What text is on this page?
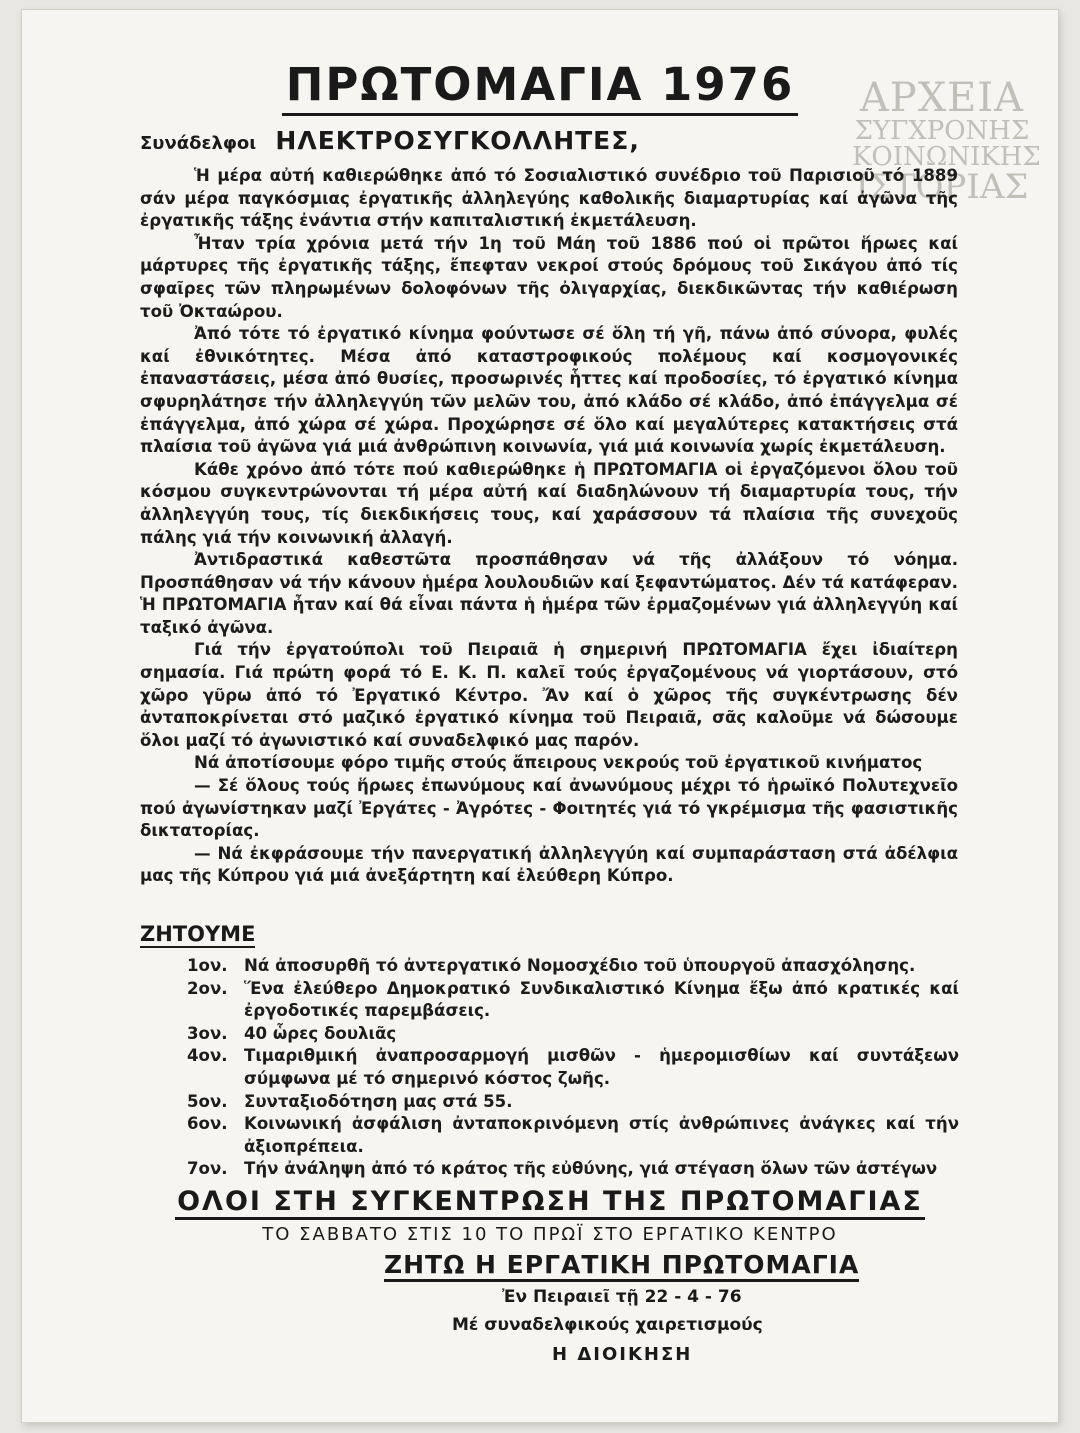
ΑΡΧΕΙΑ
ΣΥΓΧΡΟΝΗΣ
ΚΟΙΝΩΝΙΚΗΣ
ΙΣΤΟΡΙΑΣ
ΠΡΩΤΟΜΑΓΙΑ 1976
Συνάδελφοι ΗΛΕΚΤΡΟΣΥΓΚΟΛΛΗΤΕΣ,

Ἡ μέρα αὐτή καθιερώθηκε ἀπό τό Σοσιαλιστικό συνέδριο τοῦ Παρισιοῦ τό 1889 σάν μέρα παγκόσμιας ἐργατικῆς ἀλληλεγύης καθολικῆς διαμαρτυρίας καί ἀγῶνα τῆς ἐργατικῆς τάξης ἐνάντια στήν καπιταλιστική ἐκμετάλευση.

Ἦταν τρία χρόνια μετά τήν 1η τοῦ Μάη τοῦ 1886 πού οἱ πρῶτοι ἥρωες καί μάρτυρες τῆς ἐργατικῆς τάξης, ἔπεφταν νεκροί στούς δρόμους τοῦ Σικάγου ἀπό τίς σφαῖρες τῶν πληρωμένων δολοφόνων τῆς ὀλιγαρχίας, διεκδικῶντας τήν καθιέρωση τοῦ Ὀκταώρου.

Ἀπό τότε τό ἐργατικό κίνημα φούντωσε σέ ὅλη τή γῆ, πάνω ἀπό σύνορα, φυλές καί ἐθνικότητες. Μέσα ἀπό καταστροφικούς πολέμους καί κοσμογονικές ἐπαναστάσεις, μέσα ἀπό θυσίες, προσωρινές ἧττες καί προδοσίες, τό ἐργατικό κίνημα σφυρηλάτησε τήν ἀλληλεγγύη τῶν μελῶν του, ἀπό κλάδο σέ κλάδο, ἀπό ἐπάγγελμα σέ ἐπάγγελμα, ἀπό χώρα σέ χώρα. Προχώρησε σέ ὅλο καί μεγαλύτερες κατακτήσεις στά πλαίσια τοῦ ἀγῶνα γιά μιά ἀνθρώπινη κοινωνία, γιά μιά κοινωνία χωρίς ἐκμετάλευση.

Κάθε χρόνο ἀπό τότε πού καθιερώθηκε ἡ ΠΡΩΤΟΜΑΓΙΑ οἱ ἐργαζόμενοι ὅλου τοῦ κόσμου συγκεντρώνονται τή μέρα αὐτή καί διαδηλώνουν τή διαμαρτυρία τους, τήν ἀλληλεγγύη τους, τίς διεκδικήσεις τους, καί χαράσσουν τά πλαίσια τῆς συνεχοῦς πάλης γιά τήν κοινωνική ἀλλαγή.

Ἀντιδραστικά καθεστῶτα προσπάθησαν νά τῆς ἀλλάξουν τό νόημα. Προσπάθησαν νά τήν κάνουν ἡμέρα λουλουδιῶν καί ξεφαντώματος. Δέν τά κατάφεραν. Ἡ ΠΡΩΤΟΜΑΓΙΑ ἦταν καί θά εἶναι πάντα ἡ ἡμέρα τῶν ἐρμαζομένων γιά ἀλληλεγγύη καί ταξικό ἀγῶνα.

Γιά τήν ἐργατούπολι τοῦ Πειραιᾶ ἡ σημερινή ΠΡΩΤΟΜΑΓΙΑ ἔχει ἰδιαίτερη σημασία. Γιά πρώτη φορά τό Ε. Κ. Π. καλεῖ τούς ἐργαζομένους νά γιορτάσουν, στό χῶρο γῦρω ἀπό τό Ἐργατικό Κέντρο. Ἄν καί ὁ χῶρος τῆς συγκέντρωσης δέν ἀνταποκρίνεται στό μαζικό ἐργατικό κίνημα τοῦ Πειραιᾶ, σᾶς καλοῦμε νά δώσουμε ὅλοι μαζί τό ἀγωνιστικό καί συναδελφικό μας παρόν.

Νά ἀποτίσουμε φόρο τιμῆς στούς ἄπειρους νεκρούς τοῦ ἐργατικοῦ κινήματος

— Σέ ὅλους τούς ἥρωες ἐπωνύμους καί ἀνωνύμους μέχρι τό ἡρωϊκό Πολυτεχνεῖο πού ἀγωνίστηκαν μαζί Ἐργάτες - Ἀγρότες - Φοιτητές γιά τό γκρέμισμα τῆς φασιστικῆς δικτατορίας.

— Νά ἐκφράσουμε τήν πανεργατική ἀλληλεγγύη καί συμπαράσταση στά ἀδέλφια μας τῆς Κύπρου γιά μιά ἀνεξάρτητη καί ἐλεύθερη Κύπρο.

ΖΗΤΟΥΜΕ
1ον. Νά ἀποσυρθῆ τό ἀντεργατικό Νομοσχέδιο τοῦ ὑπουργοῦ ἀπασχόλησης.
2ον. Ἕνα ἐλεύθερο Δημοκρατικό Συνδικαλιστικό Κίνημα ἔξω ἀπό κρατικές καί ἐργοδοτικές παρεμβάσεις.
3ον. 40 ὧρες δουλιᾶς
4ον. Τιμαριθμική ἀναπροσαρμογή μισθῶν - ἡμερομισθίων καί συντάξεων σύμφωνα μέ τό σημερινό κόστος ζωῆς.
5ον. Συνταξιοδότηση μας στά 55.
6ον. Κοινωνική ἀσφάλιση ἀνταποκρινόμενη στίς ἀνθρώπινες ἀνάγκες καί τήν ἀξιοπρέπεια.
7ον. Τήν ἀνάληψη ἀπό τό κράτος τῆς εὐθύνης, γιά στέγαση ὅλων τῶν ἀστέγων
ΟΛΟΙ ΣΤΗ ΣΥΓΚΕΝΤΡΩΣΗ ΤΗΣ ΠΡΩΤΟΜΑΓΙΑΣ
ΤΟ ΣΑΒΒΑΤΟ ΣΤΙΣ 10 ΤΟ ΠΡΩΪ ΣΤΟ ΕΡΓΑΤΙΚΟ ΚΕΝΤΡΟ
ΖΗΤΩ Η ΕΡΓΑΤΙΚΗ ΠΡΩΤΟΜΑΓΙΑ
Ἐν Πειραιεῖ τῇ 22 - 4 - 76
Μέ συναδελφικούς χαιρετισμούς
Η ΔΙΟΙΚΗΣΗ
